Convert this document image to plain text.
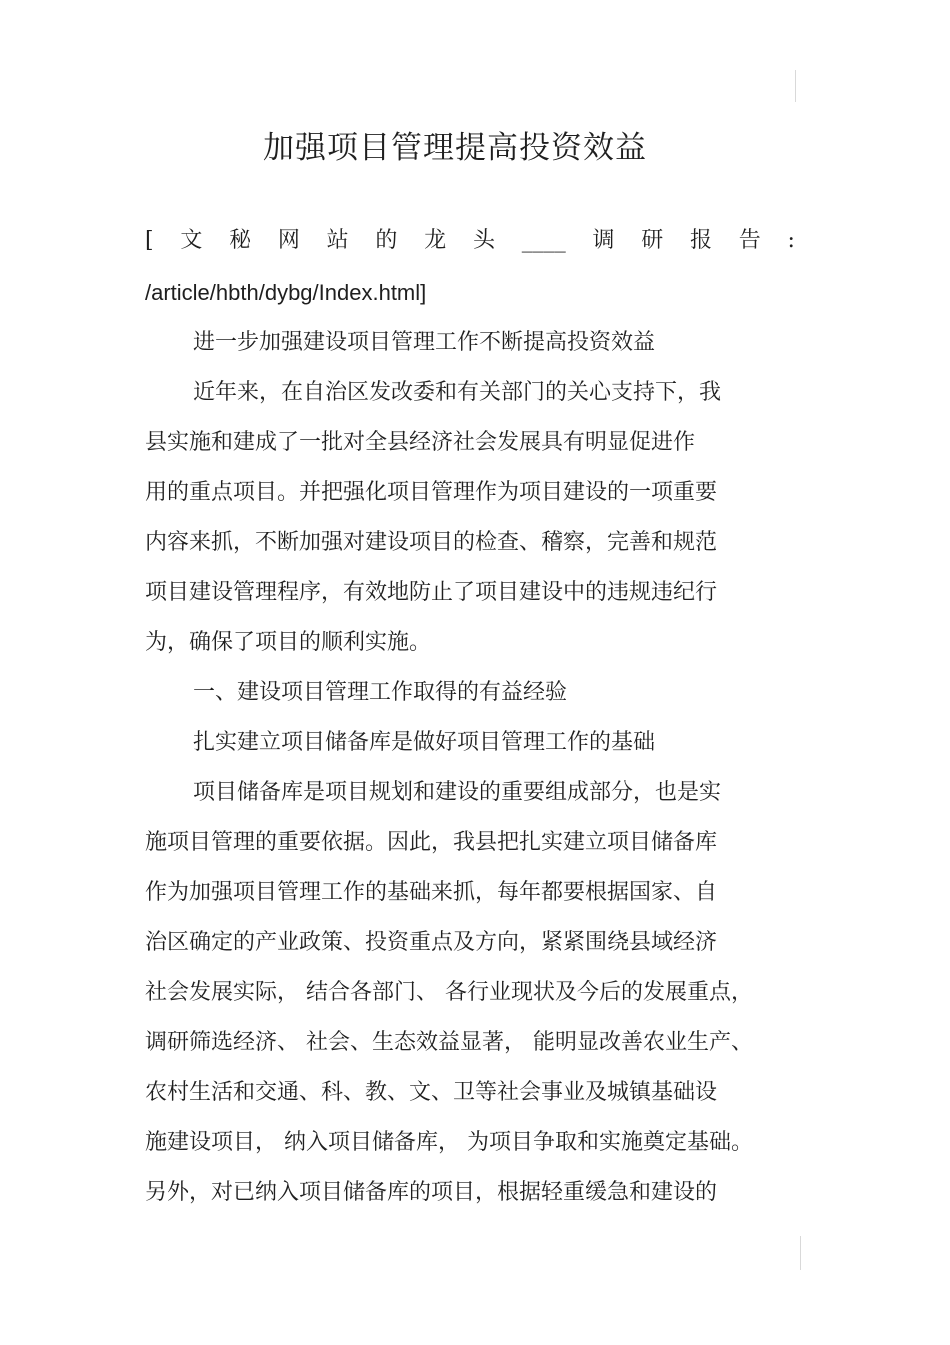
加强项目管理提高投资效益
[ 文 秘 网 站 的 龙 头 ____ 调 研 报 告 :
/article/hbth/dybg/Index.html]
进一步加强建设项目管理工作不断提高投资效益
近年来，在自治区发改委和有关部门的关心支持下，我
县实施和建成了一批对全县经济社会发展具有明显促进作
用的重点项目。并把强化项目管理作为项目建设的一项重要
内容来抓，不断加强对建设项目的检查、稽察，完善和规范
项目建设管理程序，有效地防止了项目建设中的违规违纪行
为，确保了项目的顺利实施。
一、建设项目管理工作取得的有益经验
扎实建立项目储备库是做好项目管理工作的基础
项目储备库是项目规划和建设的重要组成部分，也是实
施项目管理的重要依据。因此，我县把扎实建立项目储备库
作为加强项目管理工作的基础来抓，每年都要根据国家、自
治区确定的产业政策、投资重点及方向，紧紧围绕县域经济
社会发展实际， 结合各部门、 各行业现状及今后的发展重点，
调研筛选经济、 社会、生态效益显著， 能明显改善农业生产、
农村生活和交通、科、教、文、卫等社会事业及城镇基础设
施建设项目， 纳入项目储备库， 为项目争取和实施奠定基础。
另外，对已纳入项目储备库的项目，根据轻重缓急和建设的
